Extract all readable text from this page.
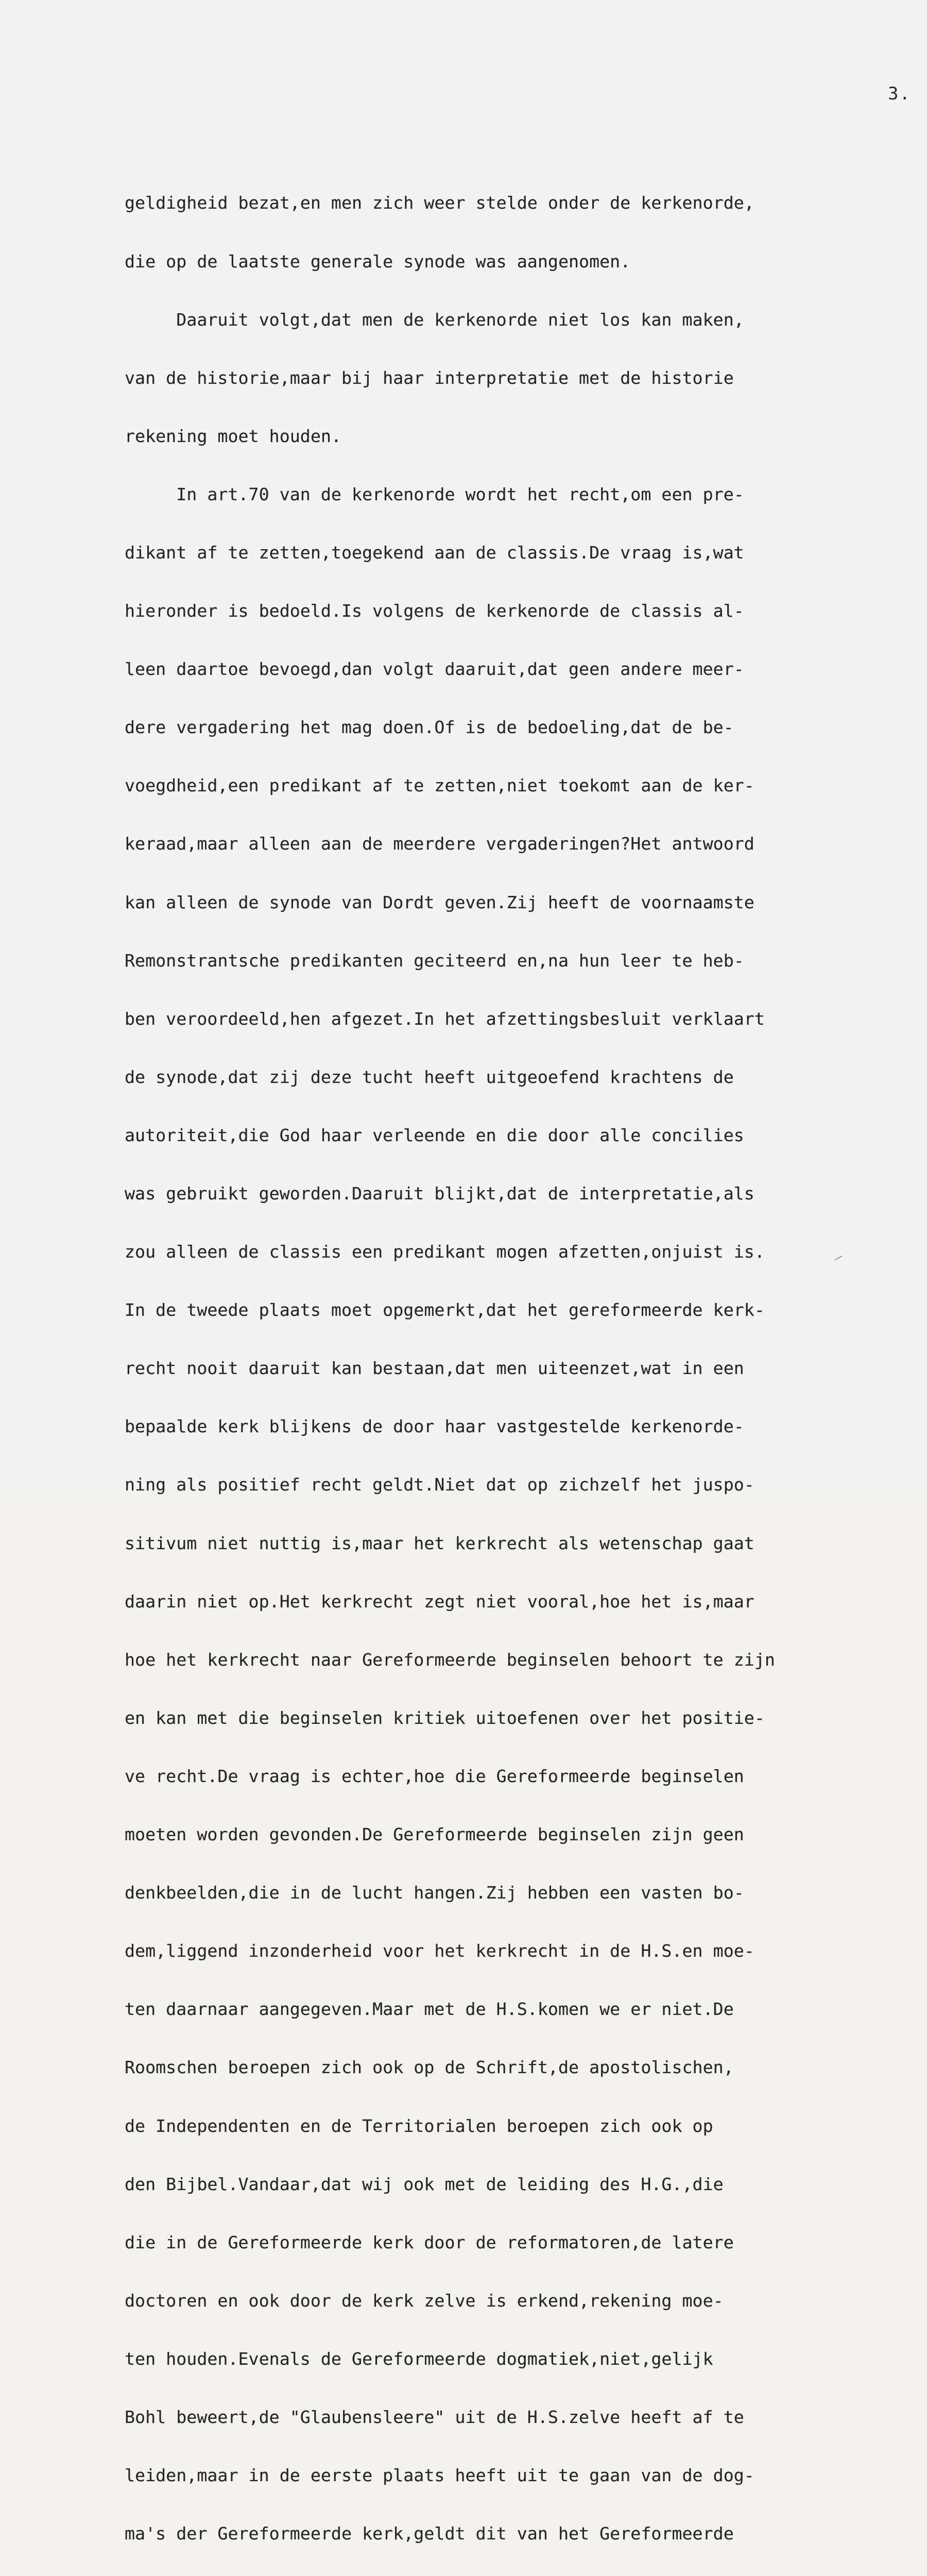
3.

geldigheid bezat,en men zich weer stelde onder de kerkenorde,

die op de laatste generale synode was aangenomen.

Daaruit volgt,dat men de kerkenorde niet los kan maken,

van de historie,maar bij haar interpretatie met de historie

rekening moet houden.

In art.70 van de kerkenorde wordt het recht,om een pre-

dikant af te zetten,toegekend aan de classis.De vraag is,wat

hieronder is bedoeld.Is volgens de kerkenorde de classis al-

leen daartoe bevoegd,dan volgt daaruit,dat geen andere meer-

dere vergadering het mag doen.Of is de bedoeling,dat de be-

voegdheid,een predikant af te zetten,niet toekomt aan de ker-

keraad,maar alleen aan de meerdere vergaderingen?Het antwoord

kan alleen de synode van Dordt geven.Zij heeft de voornaamste

Remonstrantsche predikanten geciteerd en,na hun leer te heb-

ben veroordeeld,hen afgezet.In het afzettingsbesluit verklaart

de synode,dat zij deze tucht heeft uitgeoefend krachtens de

autoriteit,die God haar verleende en die door alle concilies

was gebruikt geworden.Daaruit blijkt,dat de interpretatie,als

zou alleen de classis een predikant mogen afzetten,onjuist is.

In de tweede plaats moet opgemerkt,dat het gereformeerde kerk-

recht nooit daaruit kan bestaan,dat men uiteenzet,wat in een

bepaalde kerk blijkens de door haar vastgestelde kerkenorde-

ning als positief recht geldt.Niet dat op zichzelf het juspo-

sitivum niet nuttig is,maar het kerkrecht als wetenschap gaat

daarin niet op.Het kerkrecht zegt niet vooral,hoe het is,maar

hoe het kerkrecht naar Gereformeerde beginselen behoort te zijn

en kan met die beginselen kritiek uitoefenen over het positie-

ve recht.De vraag is echter,hoe die Gereformeerde beginselen

moeten worden gevonden.De Gereformeerde beginselen zijn geen

denkbeelden,die in de lucht hangen.Zij hebben een vasten bo-

dem,liggend inzonderheid voor het kerkrecht in de H.S.en moe-

ten daarnaar aangegeven.Maar met de H.S.komen we er niet.De

Roomschen beroepen zich ook op de Schrift,de apostolischen,

de Independenten en de Territorialen beroepen zich ook op

den Bijbel.Vandaar,dat wij ook met de leiding des H.G.,die

die in de Gereformeerde kerk door de reformatoren,de latere

doctoren en ook door de kerk zelve is erkend,rekening moe-

ten houden.Evenals de Gereformeerde dogmatiek,niet,gelijk

Bohl beweert,de "Glaubensleere" uit de H.S.zelve heeft af te

leiden,maar in de eerste plaats heeft uit te gaan van de dog-

ma's der Gereformeerde kerk,geldt dit van het Gereformeerde

⁄
